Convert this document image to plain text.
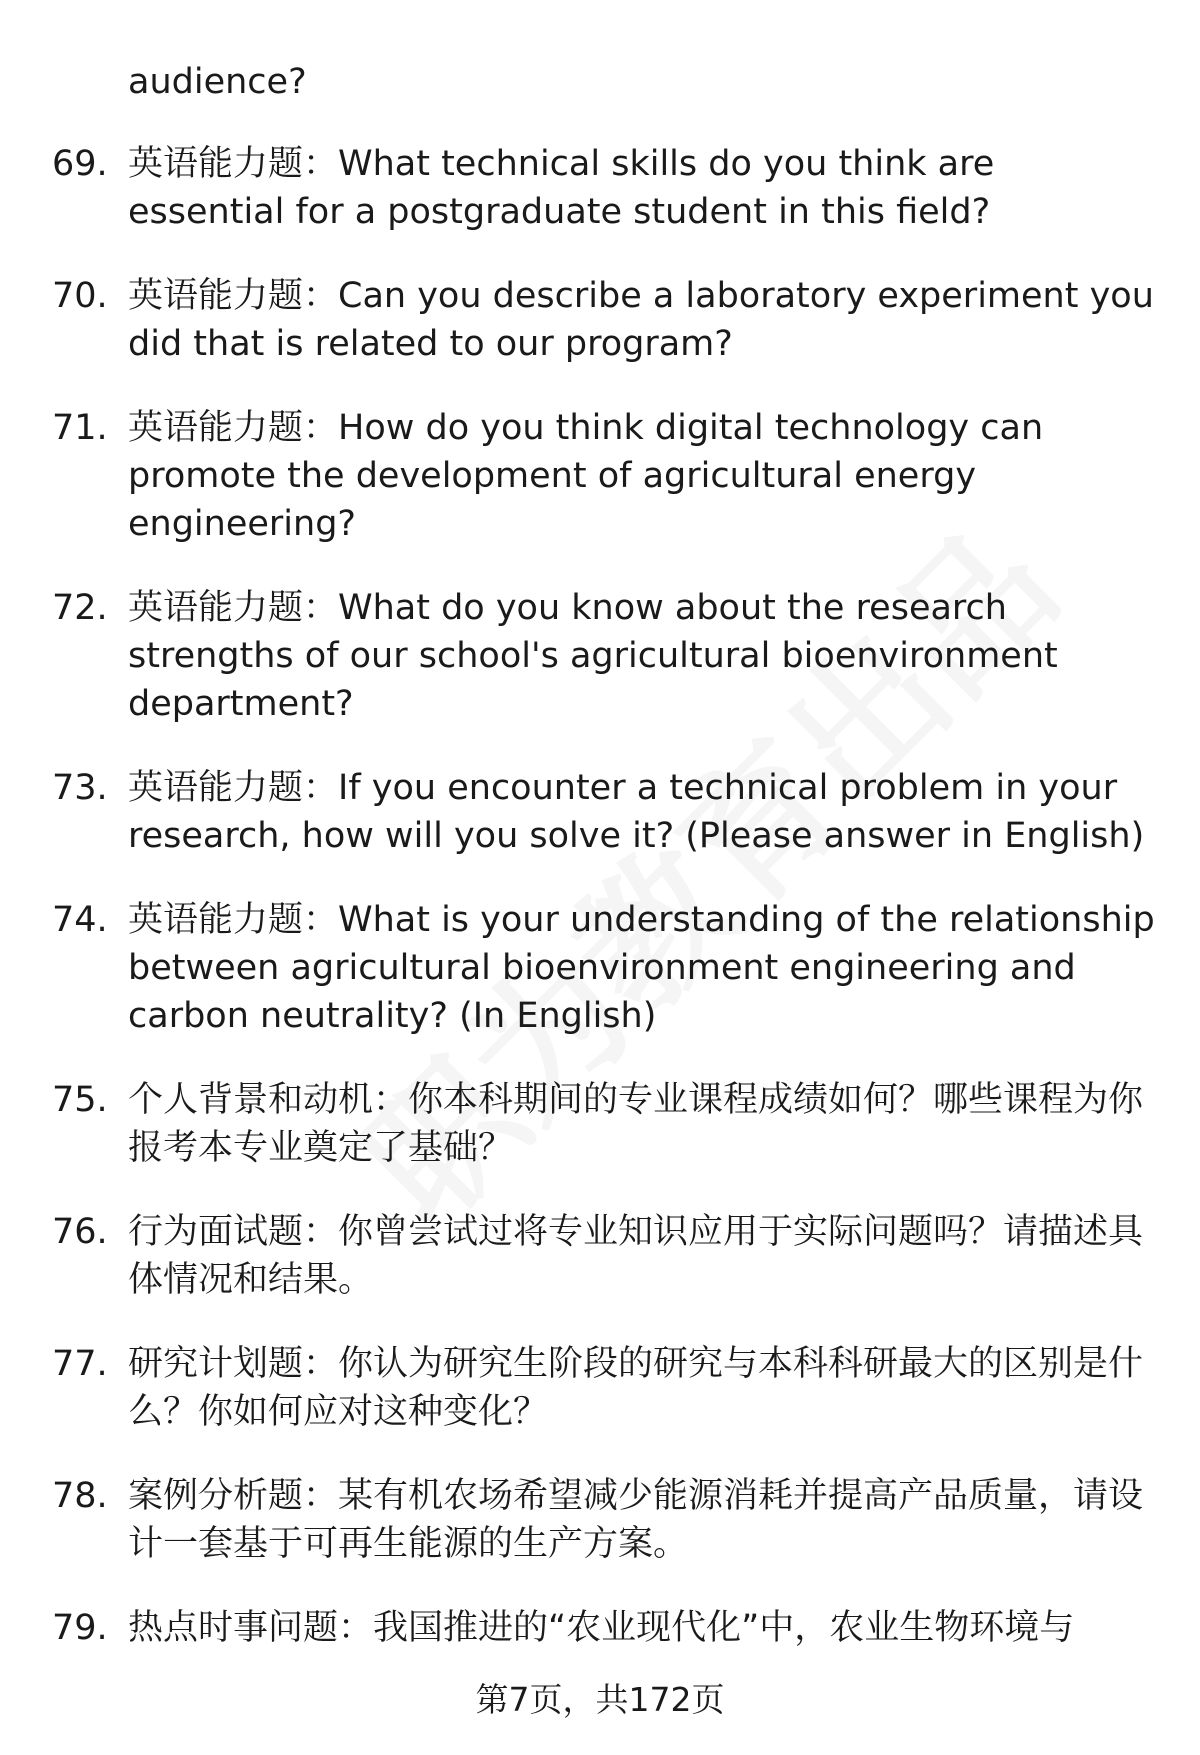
audience?
69. 英语能力题：What technical skills do you think are essential for a postgraduate student in this field?
70. 英语能力题：Can you describe a laboratory experiment you did that is related to our program?
71. 英语能力题：How do you think digital technology can promote the development of agricultural energy engineering?
72. 英语能力题：What do you know about the research strengths of our school's agricultural bioenvironment department?
73. 英语能力题：If you encounter a technical problem in your research, how will you solve it? (Please answer in English)
74. 英语能力题：What is your understanding of the relationship between agricultural bioenvironment engineering and carbon neutrality? (In English)
75. 个人背景和动机：你本科期间的专业课程成绩如何？哪些课程为你报考本专业奠定了基础？
76. 行为面试题：你曾尝试过将专业知识应用于实际问题吗？请描述具体情况和结果。
77. 研究计划题：你认为研究生阶段的研究与本科科研最大的区别是什么？你如何应对这种变化？
78. 案例分析题：某有机农场希望减少能源消耗并提高产品质量，请设计一套基于可再生能源的生产方案。
79. 热点时事问题：我国推进的“农业现代化”中，农业生物环境与
第7页，共172页
